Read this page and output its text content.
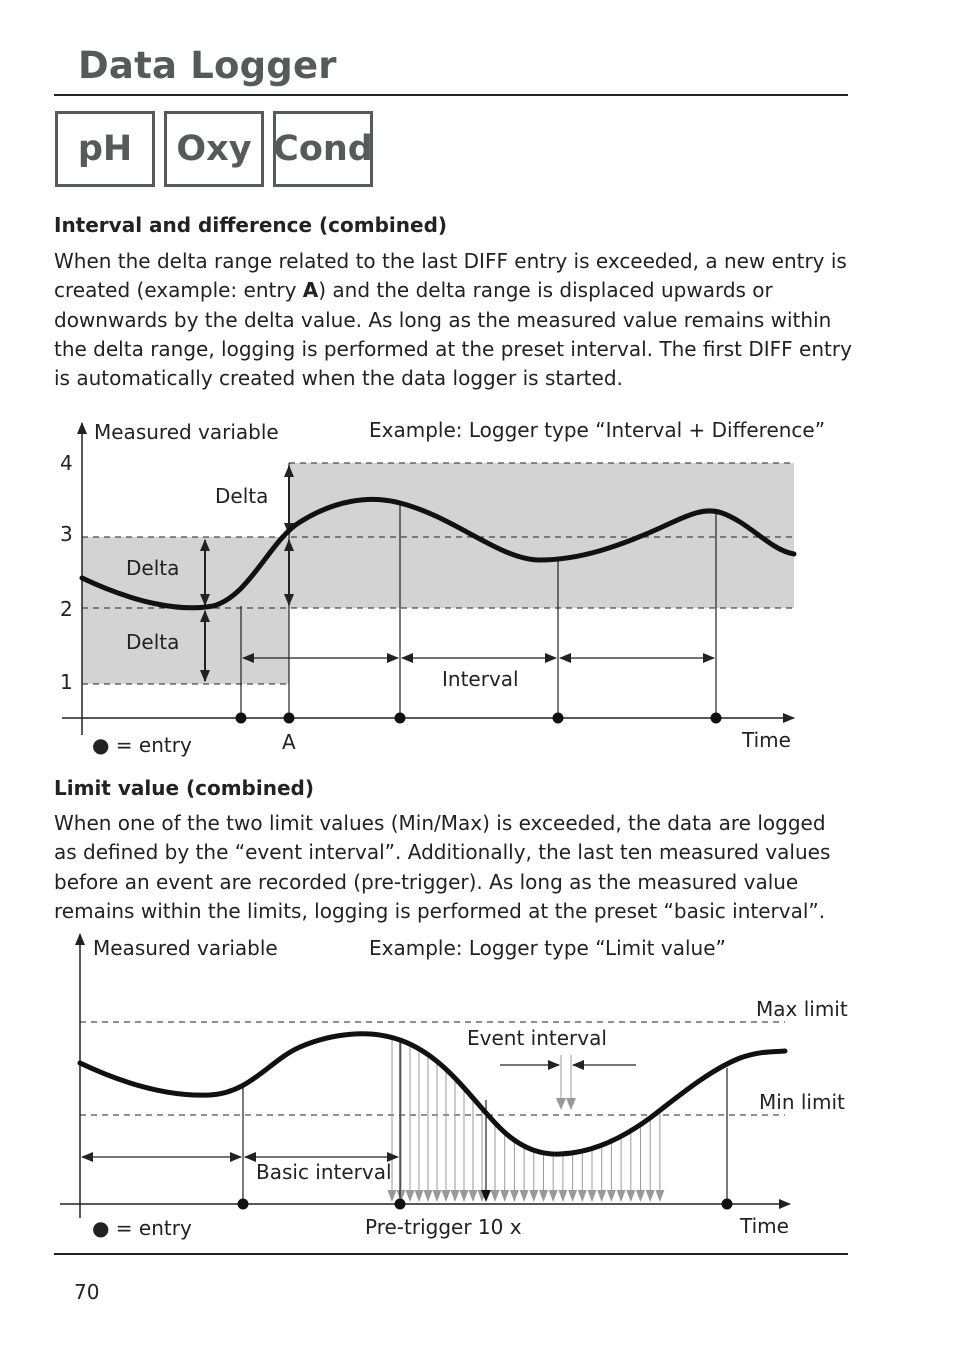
Data Logger
pH	Oxy Cond
Interval and difference (combined)

When the delta range related to the last DIFF entry is exceeded, a new entry is created (example: entry A) and the delta range is displaced upwards or downwards by the delta value. As long as the measured value remains within the delta range, logging is performed at the preset interval. The first DIFF entry is automatically created when the data logger is started.

Measured variable	Example: Logger type “Interval + Difference”
4
3
2
1
Delta
Delta
Delta
Interval
● = entry	A	Time
Limit value (combined)

When one of the two limit values (Min/Max) is exceeded, the data are logged as defined by the “event interval”. Additionally, the last ten measured values before an event are recorded (pre-trigger). As long as the measured value remains within the limits, logging is performed at the preset “basic interval”.

Measured variable	Example: Logger type “Limit value”
Max limit
Min limit
Event interval
Basic interval
● = entry	Pre-trigger 10 x	Time
70
